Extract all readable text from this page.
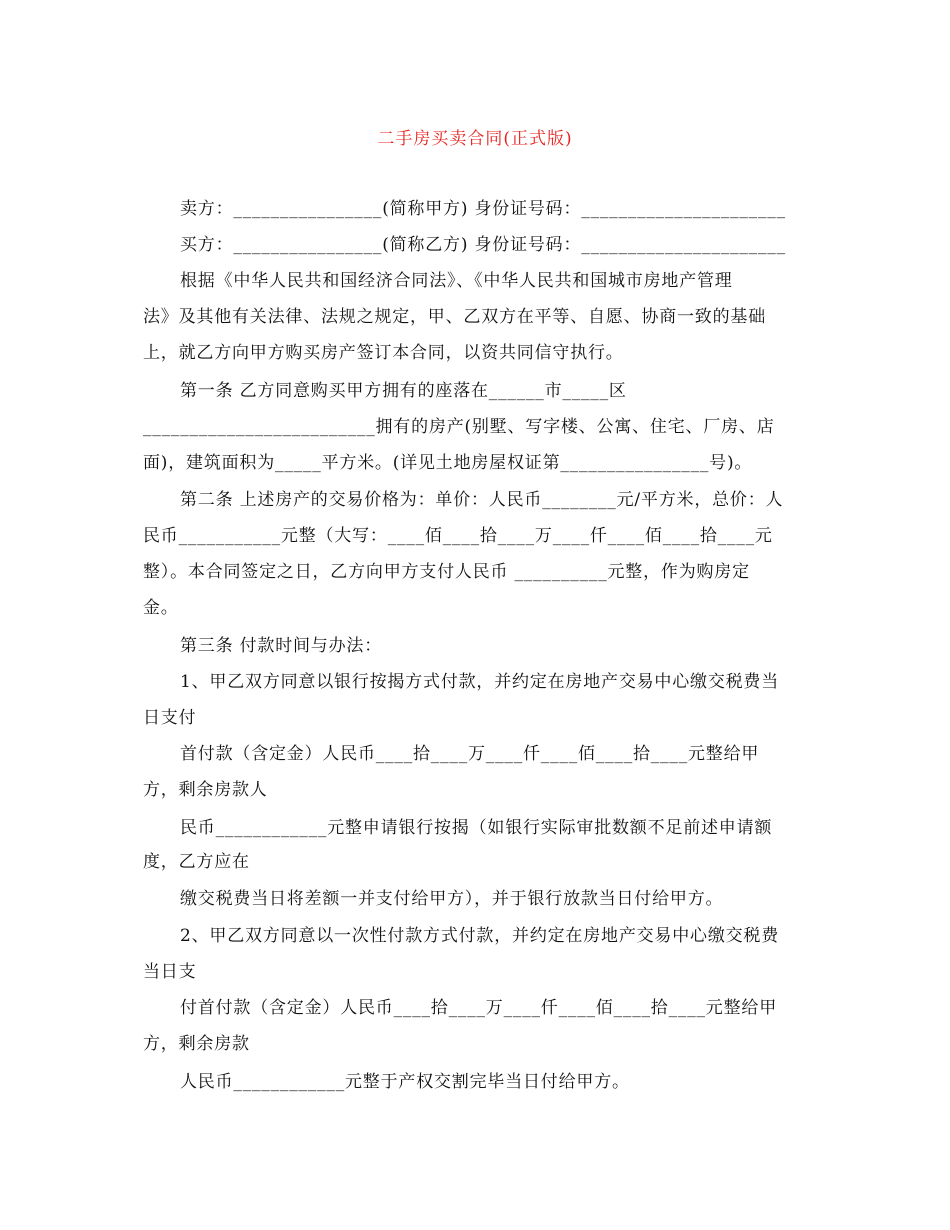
二手房买卖合同(正式版)
卖方：________________(简称甲方) 身份证号码：______________________
买方：________________(简称乙方) 身份证号码：______________________
根据《中华人民共和国经济合同法》、《中华人民共和国城市房地产管理
法》及其他有关法律、法规之规定，甲、乙双方在平等、自愿、协商一致的基础
上，就乙方向甲方购买房产签订本合同，以资共同信守执行。
第一条 乙方同意购买甲方拥有的座落在______市_____区
_________________________拥有的房产(别墅、写字楼、公寓、住宅、厂房、店
面)，建筑面积为_____平方米。(详见土地房屋权证第________________号)。
第二条 上述房产的交易价格为：单价：人民币________元/平方米，总价：人
民币___________元整（大写：____佰____拾____万____仟____佰____拾____元
整）。本合同签定之日，乙方向甲方支付人民币 __________元整，作为购房定
金。
第三条 付款时间与办法：
1、甲乙双方同意以银行按揭方式付款，并约定在房地产交易中心缴交税费当
日支付
首付款（含定金）人民币____拾____万____仟____佰____拾____元整给甲
方，剩余房款人
民币____________元整申请银行按揭（如银行实际审批数额不足前述申请额
度，乙方应在
缴交税费当日将差额一并支付给甲方），并于银行放款当日付给甲方。
2、甲乙双方同意以一次性付款方式付款，并约定在房地产交易中心缴交税费
当日支
付首付款（含定金）人民币____拾____万____仟____佰____拾____元整给甲
方，剩余房款
人民币____________元整于产权交割完毕当日付给甲方。
